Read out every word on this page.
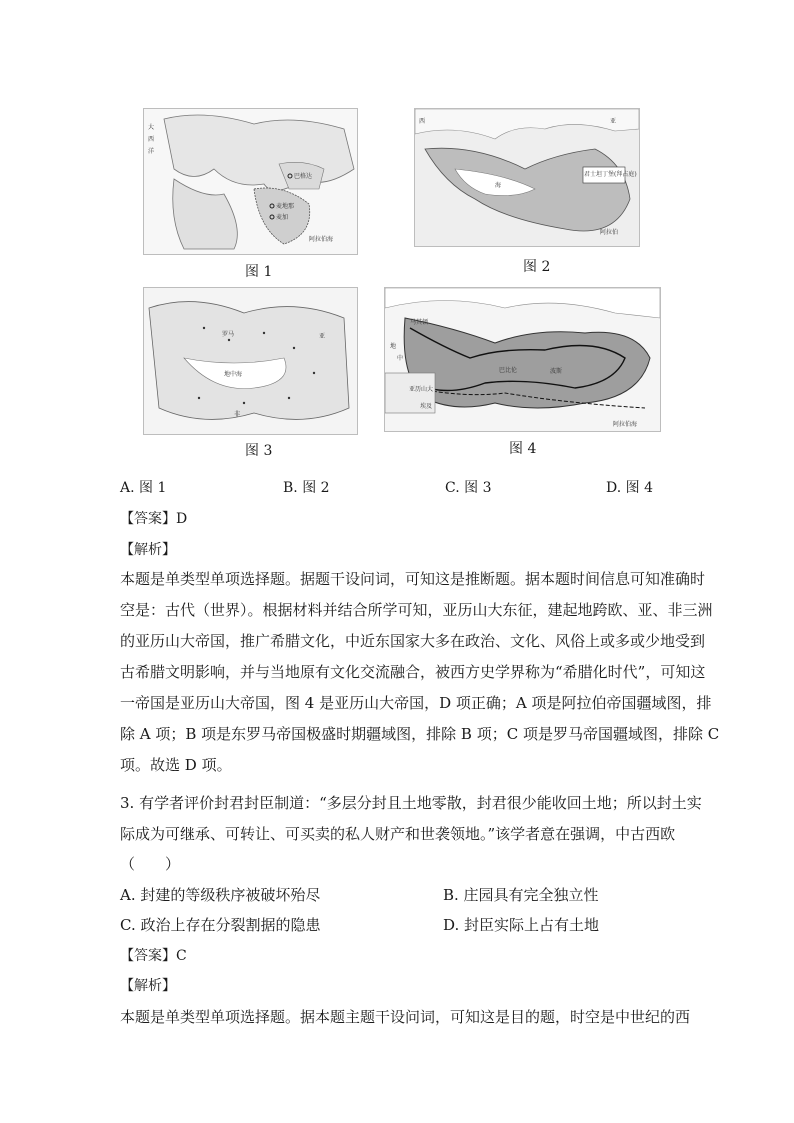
大
西
洋
巴格达
麦地那
麦加
阿拉伯海
图 1
西	亚
君士坦丁堡(拜占庭)
海
阿拉伯
图 2
罗马
地中海
亚
非
图 3
马其顿
亚历山大
巴比伦
埃及
波斯
阿拉伯海
地
中
图 4
A. 图 1	B. 图 2	C. 图 3	D. 图 4
【答案】D
【解析】
本题是单类型单项选择题。据题干设问词，可知这是推断题。据本题时间信息可知准确时
空是：古代（世界）。根据材料并结合所学可知，亚历山大东征，建起地跨欧、亚、非三洲
的亚历山大帝国，推广希腊文化，中近东国家大多在政治、文化、风俗上或多或少地受到
古希腊文明影响，并与当地原有文化交流融合，被西方史学界称为“希腊化时代”，可知这
一帝国是亚历山大帝国，图 4 是亚历山大帝国，D 项正确；A 项是阿拉伯帝国疆域图，排
除 A 项；B 项是东罗马帝国极盛时期疆域图，排除 B 项；C 项是罗马帝国疆域图，排除 C
项。故选 D 项。
3. 有学者评价封君封臣制道：“多层分封且土地零散，封君很少能收回土地；所以封土实
际成为可继承、可转让、可买卖的私人财产和世袭领地。”该学者意在强调，中古西欧
（　　）
A. 封建的等级秩序被破坏殆尽	B. 庄园具有完全独立性
C. 政治上存在分裂割据的隐患	D. 封臣实际上占有土地
【答案】C
【解析】
本题是单类型单项选择题。据本题主题干设问词，可知这是目的题，时空是中世纪的西
